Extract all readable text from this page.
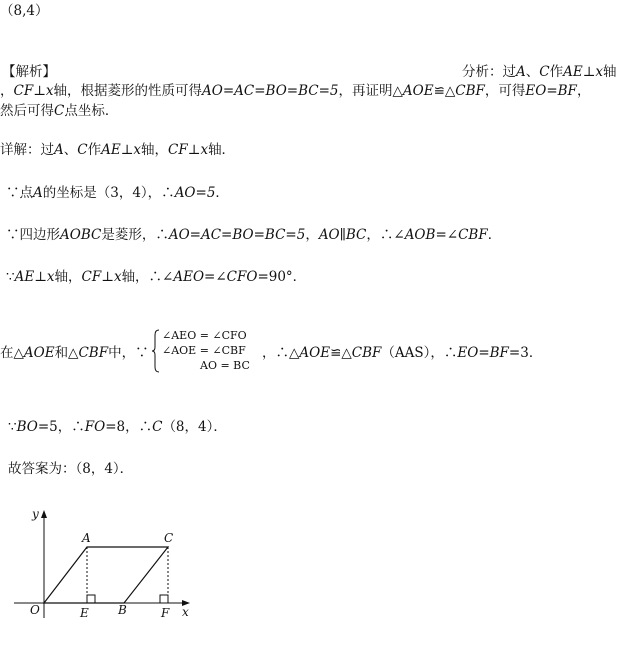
（8,4）
【解析】	分析：过A、C作AE⊥x轴
，CF⊥x轴，根据菱形的性质可得AO=AC=BO=BC=5，再证明△AOE≌△CBF，可得EO=BF，
然后可得C点坐标．
详解：过A、C作AE⊥x轴，CF⊥x轴．
∵点A的坐标是（3，4），∴AO=5．
∵四边形AOBC是菱形，∴AO=AC=BO=BC=5，AO∥BC，∴∠AOB=∠CBF．
∵AE⊥x轴，CF⊥x轴，∴∠AEO=∠CFO=90°．
在△AOE和△CBF中，∵
∠AEO = ∠CFO
∠AOE = ∠CBF
AO = BC
，∴△AOE≌△CBF（AAS），∴EO=BF=3．
∵BO=5，∴FO=8，∴C（8，4）．
故答案为：（8，4）．
y
x
O
A	C
E B	F
